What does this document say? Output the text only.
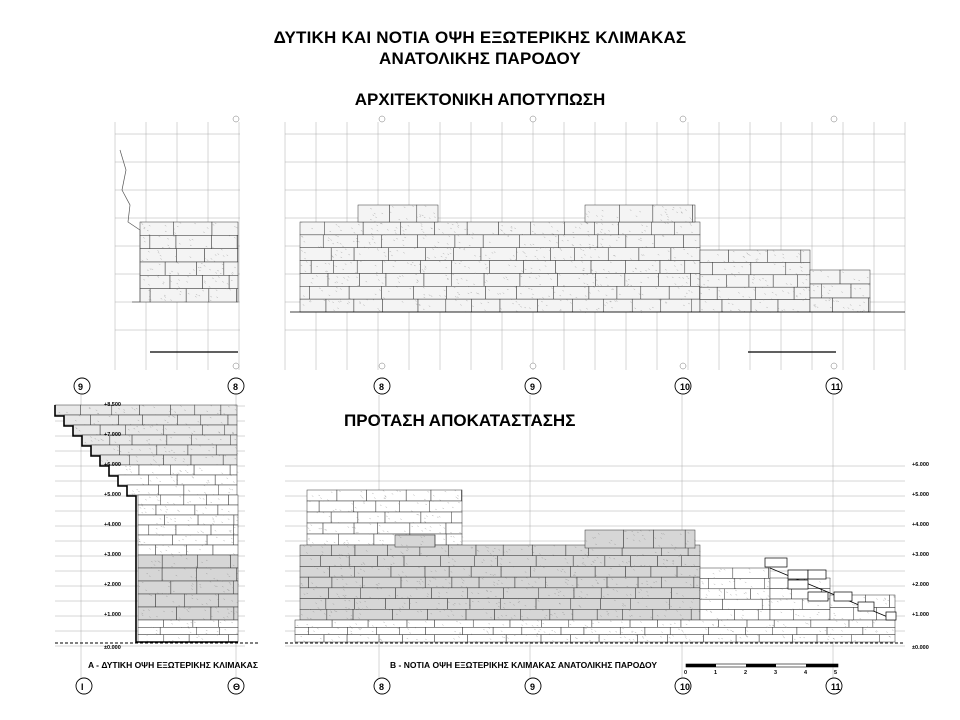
ΔΥΤΙΚΗ ΚΑΙ ΝΟΤΙΑ ΟΨΗ ΕΞΩΤΕΡΙΚΗΣ ΚΛΙΜΑΚΑΣ
ΑΝΑΤΟΛΙΚΗΣ ΠΑΡΟΔΟΥ
ΑΡΧΙΤΕΚΤΟΝΙΚΗ ΑΠΟΤΥΠΩΣΗ
ΠΡΟΤΑΣΗ ΑΠΟΚΑΤΑΣΤΑΣΗΣ
+8.500
+7.000
+6.000
+5.000
+4.000
+3.000
+2.000
+1.000
±0.000
+6.000
+5.000
+4.000
+3.000
+2.000
+1.000
±0.000
0	1	2	3	4	5
9	8	8	9	10	11
I	Θ	8	9	10	11
A - ΔΥΤΙΚΗ ΟΨΗ ΕΞΩΤΕΡΙΚΗΣ ΚΛΙΜΑΚΑΣ	B - ΝΟΤΙΑ ΟΨΗ ΕΞΩΤΕΡΙΚΗΣ ΚΛΙΜΑΚΑΣ ΑΝΑΤΟΛΙΚΗΣ ΠΑΡΟΔΟΥ
